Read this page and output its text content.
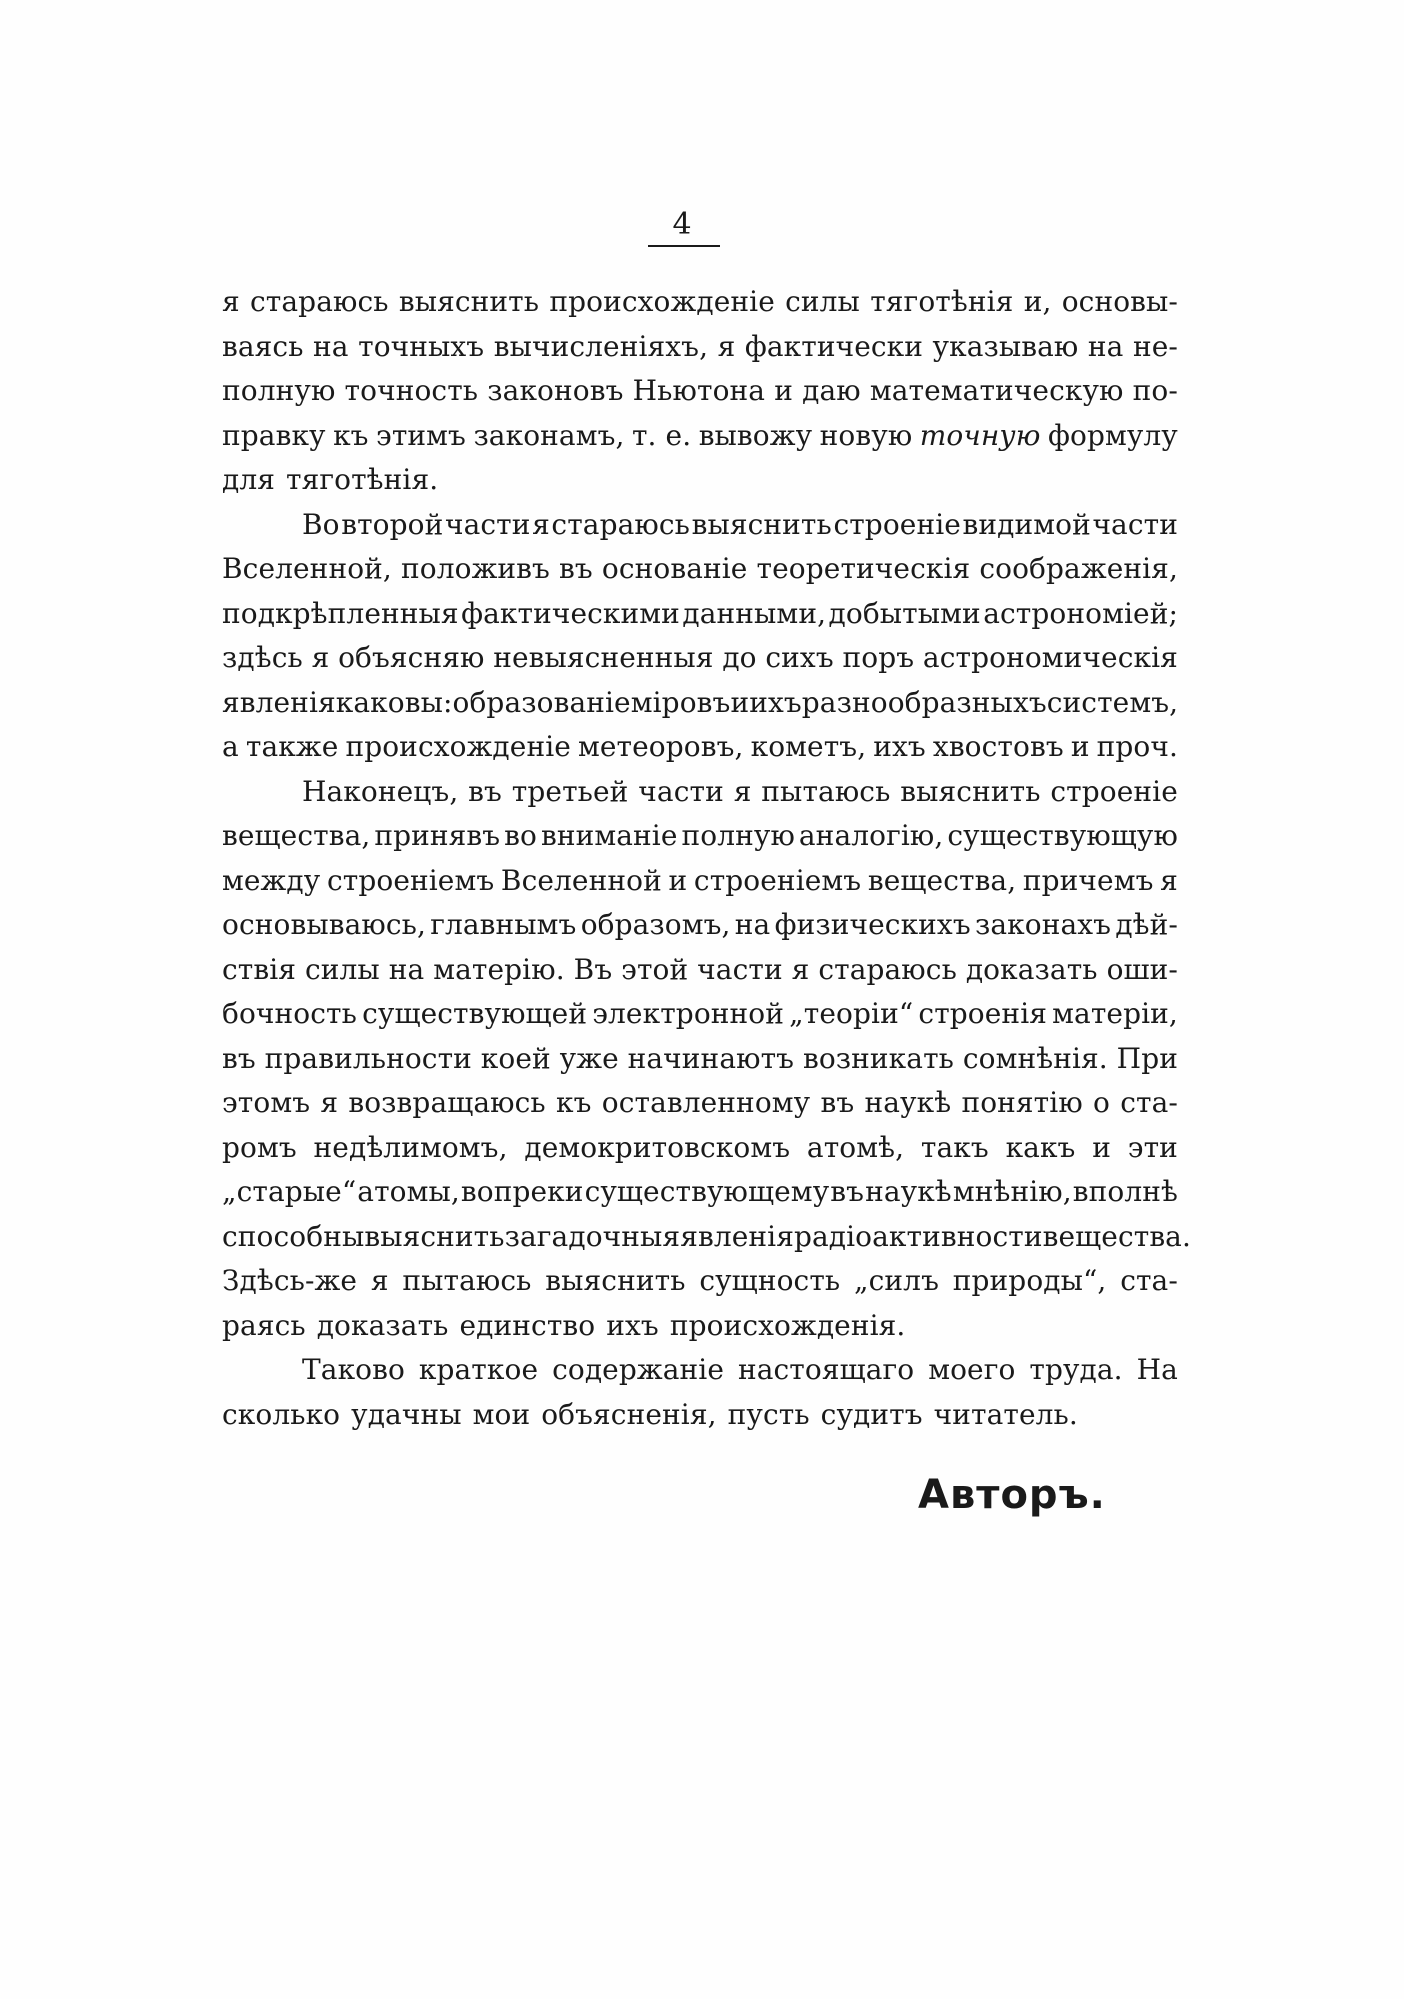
4
я стараюсь выяснить происхожденіе силы тяготѣнія и, основы-
ваясь на точныхъ вычисленіяхъ, я фактически указываю на не-
полную точность законовъ Ньютона и даю математическую по-
правку къ этимъ законамъ, т. е. вывожу новую точную формулу
для тяготѣнія.
Во второй части я стараюсь выяснить строеніе видимой части
Вселенной, положивъ въ основаніе теоретическія соображенія,
подкрѣпленныя фактическими данными, добытыми астрономіей;
здѣсь я объясняю невыясненныя до сихъ поръ астрономическія
явленія каковы: образованіе міровъ и ихъ разнообразныхъ системъ,
а также происхожденіе метеоровъ, кометъ, ихъ хвостовъ и проч.
Наконецъ, въ третьей части я пытаюсь выяснить строеніе
вещества, принявъ во вниманіе полную аналогію, существующую
между строеніемъ Вселенной и строеніемъ вещества, причемъ я
основываюсь, главнымъ образомъ, на физическихъ законахъ дѣй-
ствія силы на матерію. Въ этой части я стараюсь доказать оши-
бочность существующей электронной „теоріи“ строенія матеріи,
въ правильности коей уже начинаютъ возникать сомнѣнія. При
этомъ я возвращаюсь къ оставленному въ наукѣ понятію о ста-
ромъ недѣлимомъ, демокритовскомъ атомѣ, такъ какъ и эти
„старые“ атомы, вопреки существующему въ наукѣ мнѣнію, вполнѣ
способны выяснить загадочныя явленія радіоактивности вещества.
Здѣсь-же я пытаюсь выяснить сущность „силъ природы“, ста-
раясь доказать единство ихъ происхожденія.
Таково краткое содержаніе настоящаго моего труда. На
сколько удачны мои объясненія, пусть судитъ читатель.
Авторъ.
